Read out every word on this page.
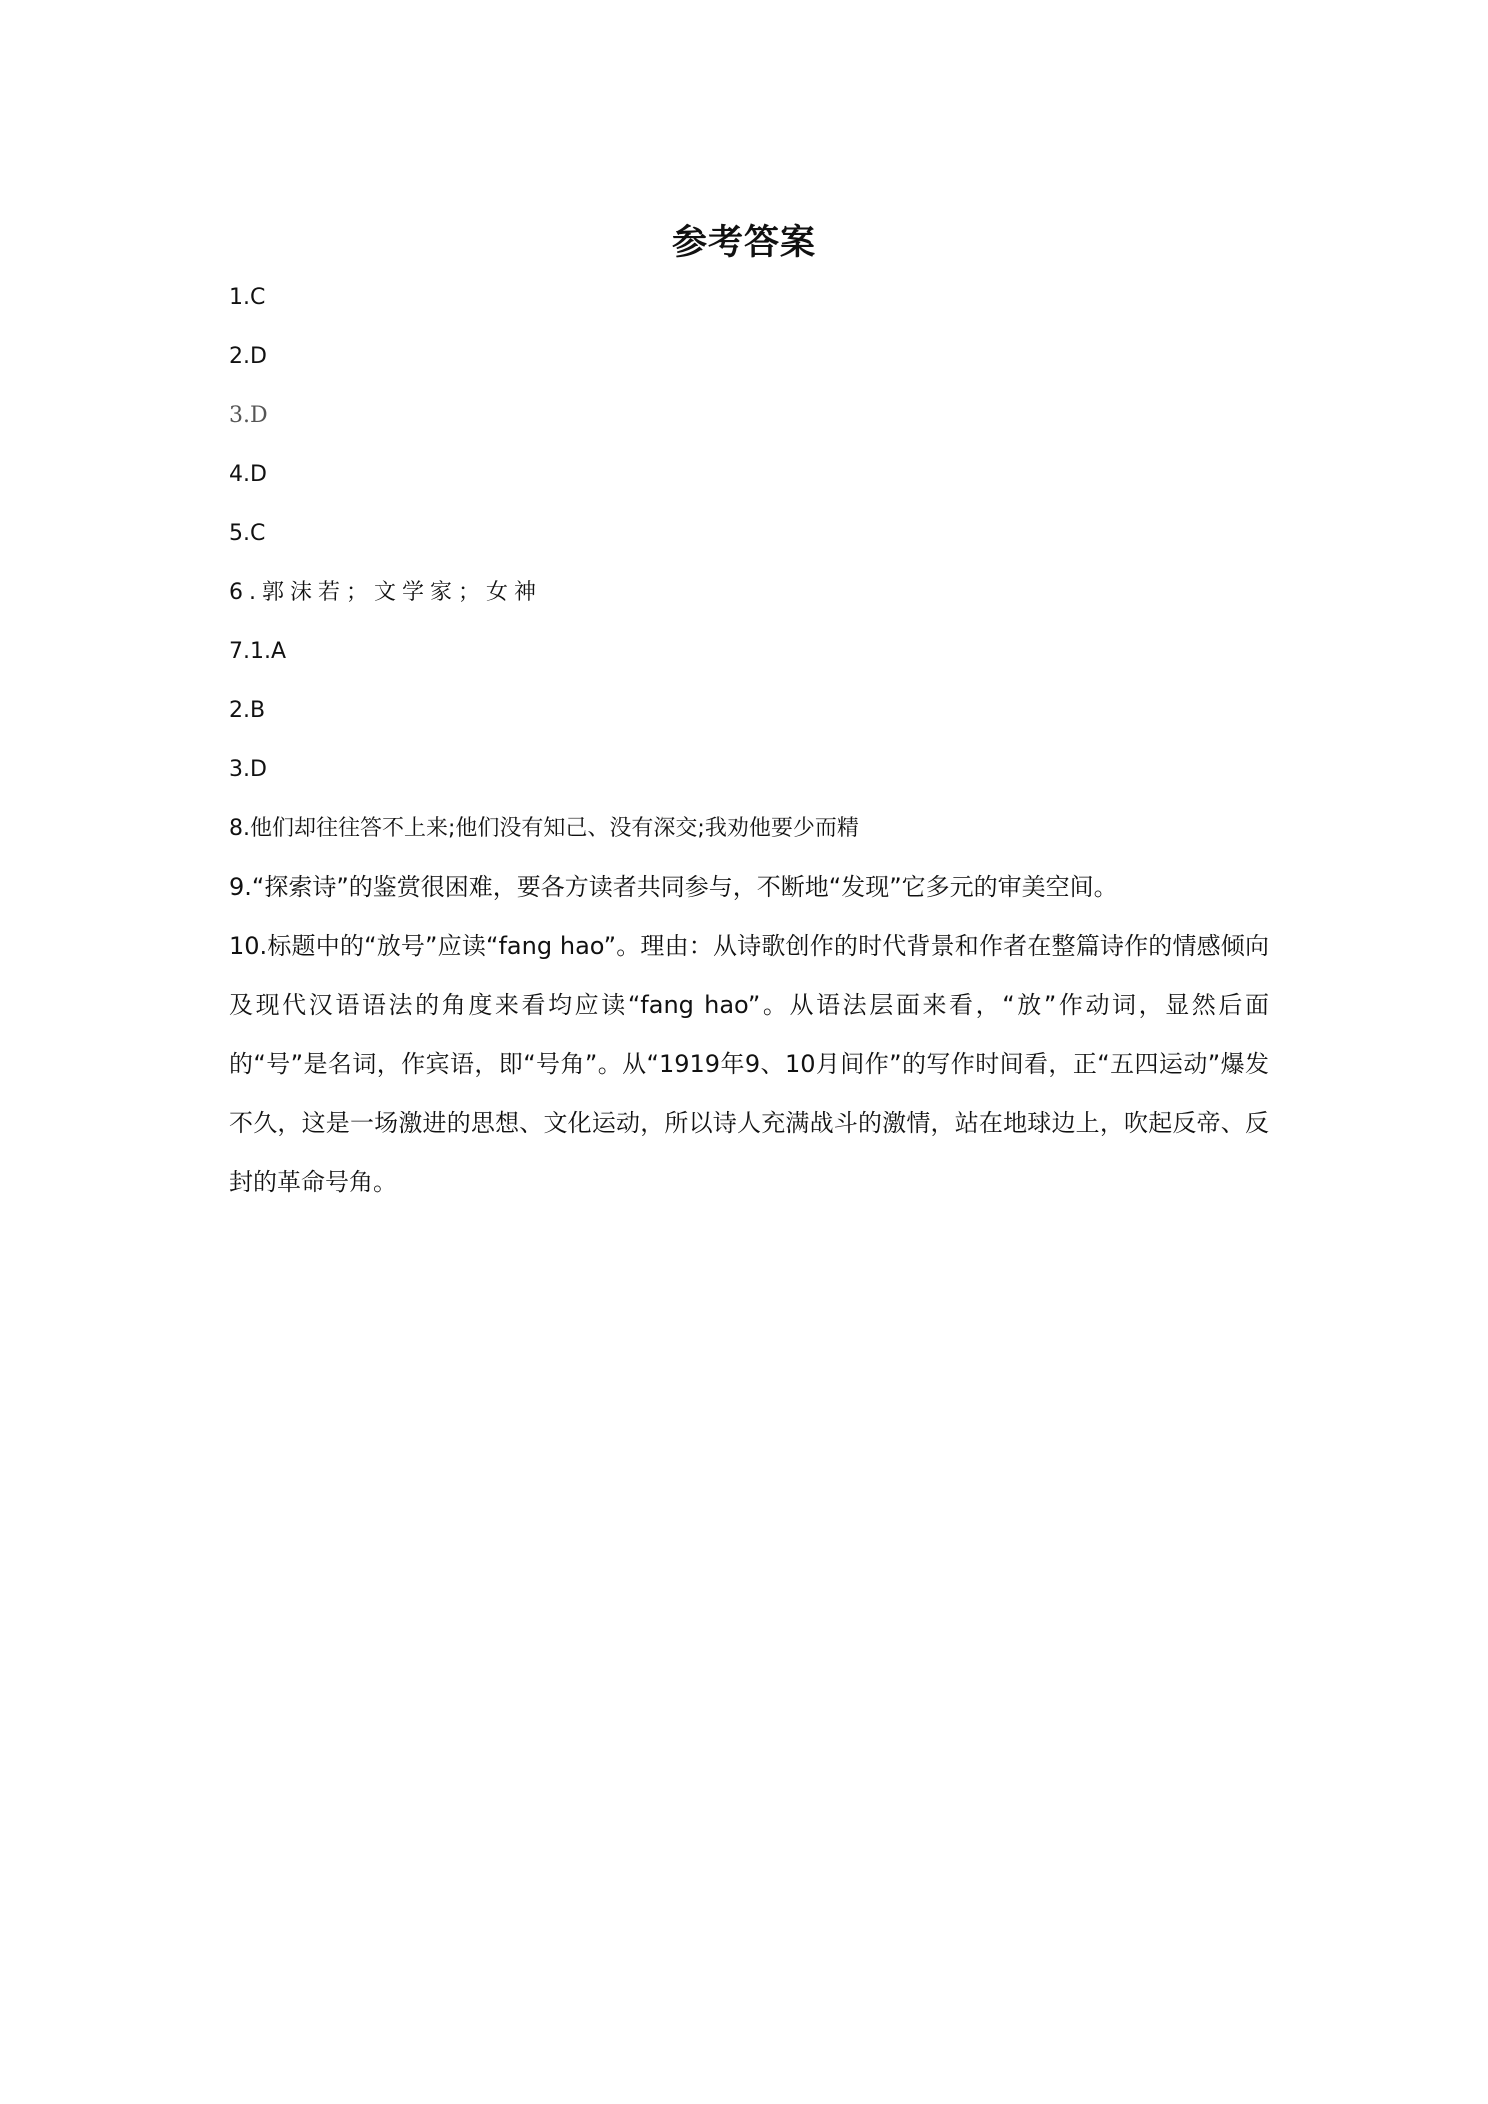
参考答案
1.C
2.D
3.D
4.D
5.C
6.郭沫若；文学家；女神
7.1.A
2.B
3.D
8.他们却往往答不上来;他们没有知己、没有深交;我劝他要少而精
9.“探索诗”的鉴赏很困难，要各方读者共同参与，不断地“发现”它多元的审美空间。
10.标题中的“放号”应读“fang hao”。理由：从诗歌创作的时代背景和作者在整篇诗作的情感倾向及现代汉语语法的角度来看均应读“fang hao”。从语法层面来看，“放”作动词，显然后面的“号”是名词，作宾语，即“号角”。从“1919年9、10月间作”的写作时间看，正“五四运动”爆发不久，这是一场激进的思想、文化运动，所以诗人充满战斗的激情，站在地球边上，吹起反帝、反封的革命号角。
